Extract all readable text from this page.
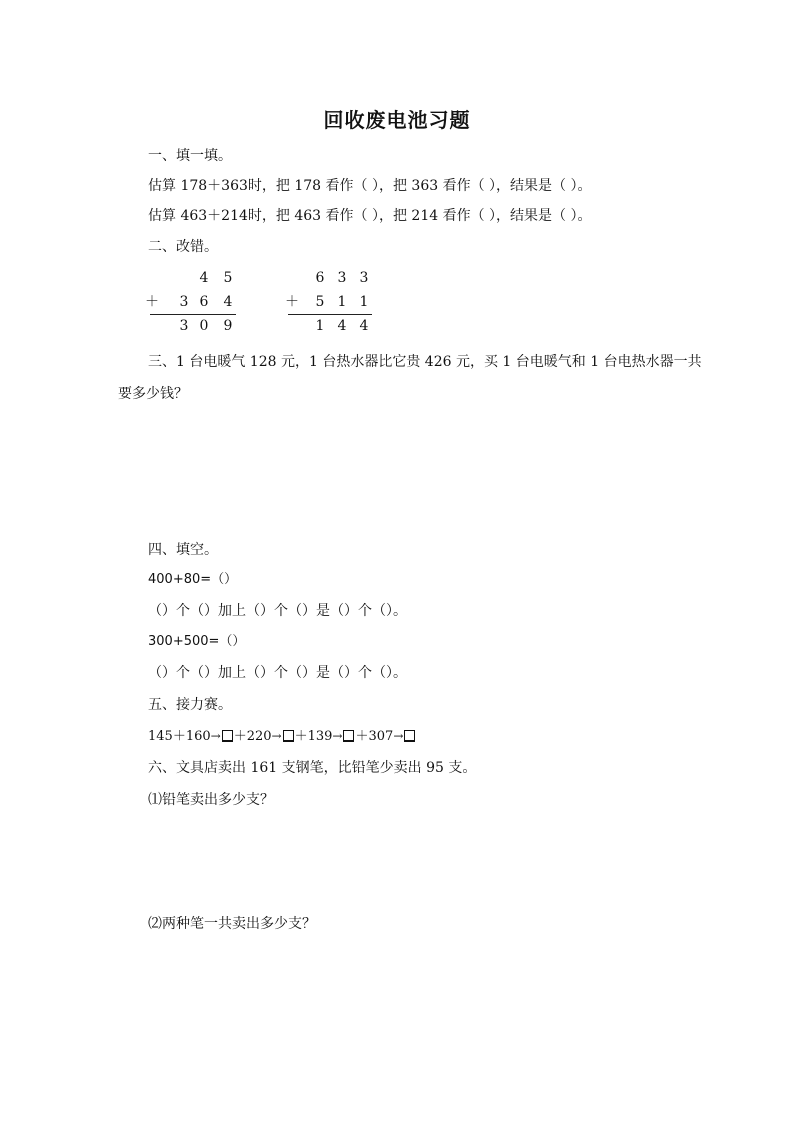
回收废电池习题
一、填一填。
估算 178＋363时，把 178 看作（ ），把 363 看作（ ），结果是（ ）。
估算 463＋214时，把 463 看作（ ），把 214 看作（ ），结果是（ ）。
二、改错。
4 5
＋ 3 6 4
3 0 9
6 3 3
＋ 5 1 1
1 4 4
三、1 台电暖气 128 元，1 台热水器比它贵 426 元，买 1 台电暖气和 1 台电热水器一共
要多少钱？
四、填空。
400+80=（）
（）个（）加上（）个（）是（）个（）。
300+500=（）
（）个（）加上（）个（）是（）个（）。
五、接力赛。
145＋160→ ＋220→ ＋139→ ＋307→
六、文具店卖出 161 支钢笔，比铅笔少卖出 95 支。
⑴铅笔卖出多少支？
⑵两种笔一共卖出多少支？
